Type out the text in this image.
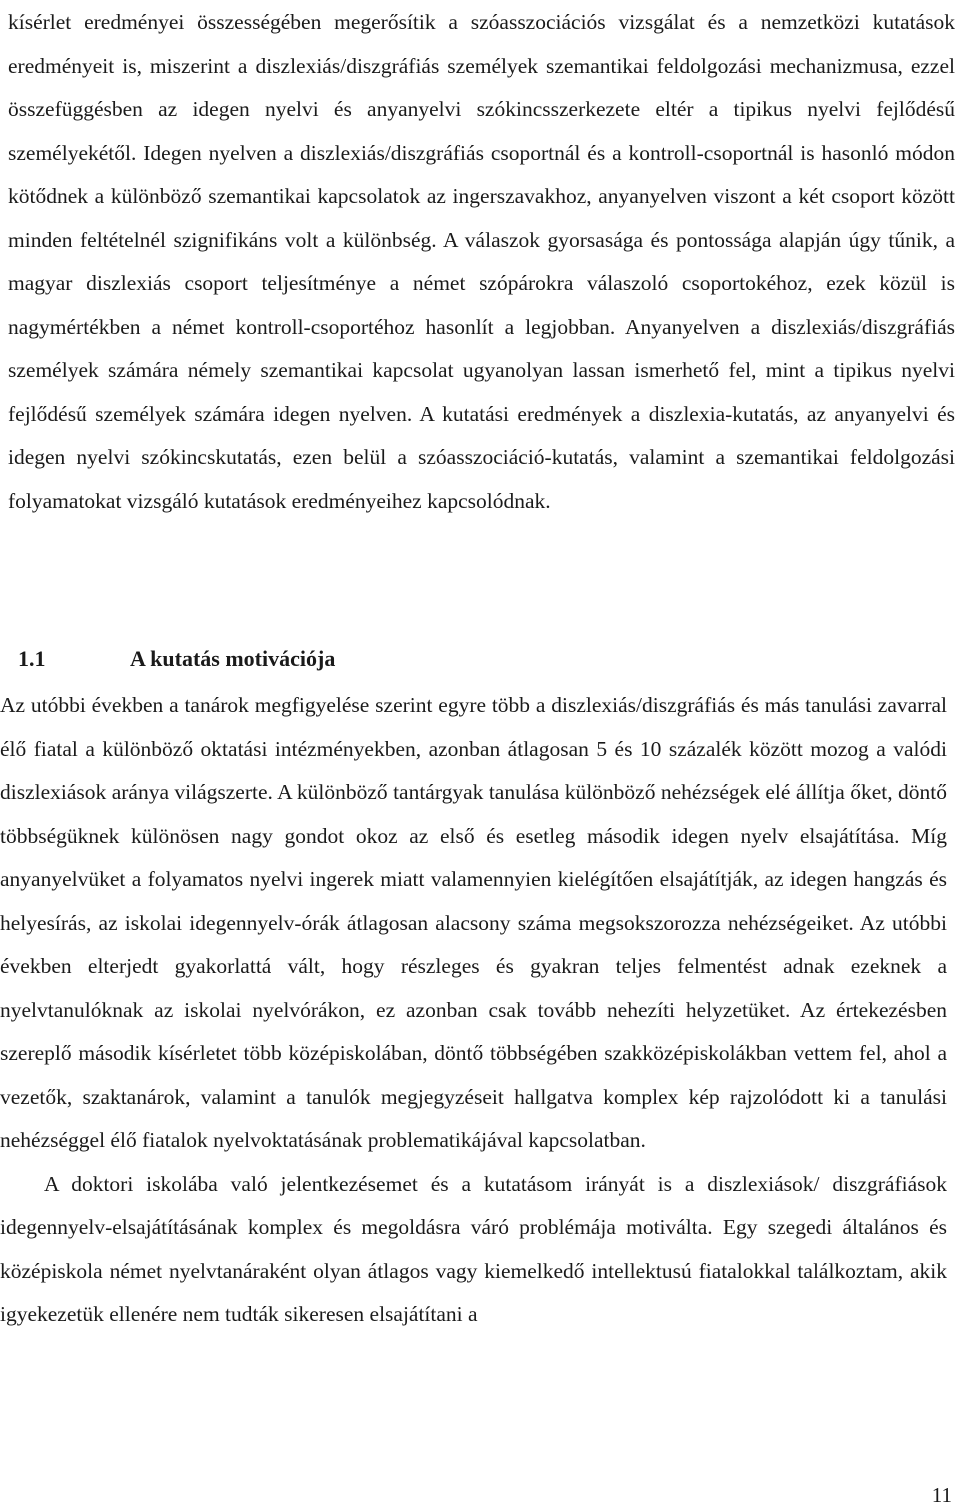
kísérlet eredményei összességében megerősítik a szóasszociációs vizsgálat és a nemzetközi kutatások eredményeit is, miszerint a diszlexiás/diszgráfiás személyek szemantikai feldolgozási mechanizmusa, ezzel összefüggésben az idegen nyelvi és anyanyelvi szókincsszerkezete eltér a tipikus nyelvi fejlődésű személyekétől. Idegen nyelven a diszlexiás/diszgráfiás csoportnál és a kontroll-csoportnál is hasonló módon kötődnek a különböző szemantikai kapcsolatok az ingerszavakhoz, anyanyelven viszont a két csoport között minden feltételnél szignifikáns volt a különbség. A válaszok gyorsasága és pontossága alapján úgy tűnik, a magyar diszlexiás csoport teljesítménye a német szópárokra válaszoló csoportokéhoz, ezek közül is nagymértékben a német kontroll-csoportéhoz hasonlít a legjobban. Anyanyelven a diszlexiás/diszgráfiás személyek számára némely szemantikai kapcsolat ugyanolyan lassan ismerhető fel, mint a tipikus nyelvi fejlődésű személyek számára idegen nyelven. A kutatási eredmények a diszlexia-kutatás, az anyanyelvi és idegen nyelvi szókincskutatás, ezen belül a szóasszociáció-kutatás, valamint a szemantikai feldolgozási folyamatokat vizsgáló kutatások eredményeihez kapcsolódnak.

1.1	A kutatás motivációja

Az utóbbi években a tanárok megfigyelése szerint egyre több a diszlexiás/diszgráfiás és más tanulási zavarral élő fiatal a különböző oktatási intézményekben, azonban átlagosan 5 és 10 százalék között mozog a valódi diszlexiások aránya világszerte. A különböző tantárgyak tanulása különböző nehézségek elé állítja őket, döntő többségüknek különösen nagy gondot okoz az első és esetleg második idegen nyelv elsajátítása. Míg anyanyelvüket a folyamatos nyelvi ingerek miatt valamennyien kielégítően elsajátítják, az idegen hangzás és helyesírás, az iskolai idegennyelv-órák átlagosan alacsony száma megsokszorozza nehézségeiket. Az utóbbi években elterjedt gyakorlattá vált, hogy részleges és gyakran teljes felmentést adnak ezeknek a nyelvtanulóknak az iskolai nyelvórákon, ez azonban csak tovább nehezíti helyzetüket. Az értekezésben szereplő második kísérletet több középiskolában, döntő többségében szakközépiskolákban vettem fel, ahol a vezetők, szaktanárok, valamint a tanulók megjegyzéseit hallgatva komplex kép rajzolódott ki a tanulási nehézséggel élő fiatalok nyelvoktatásának problematikájával kapcsolatban.

A doktori iskolába való jelentkezésemet és a kutatásom irányát is a diszlexiások/ diszgráfiások idegennyelv-elsajátításának komplex és megoldásra váró problémája motiválta. Egy szegedi általános és középiskola német nyelvtanáraként olyan átlagos vagy kiemelkedő intellektusú fiatalokkal találkoztam, akik igyekezetük ellenére nem tudták sikeresen elsajátítani a

11
